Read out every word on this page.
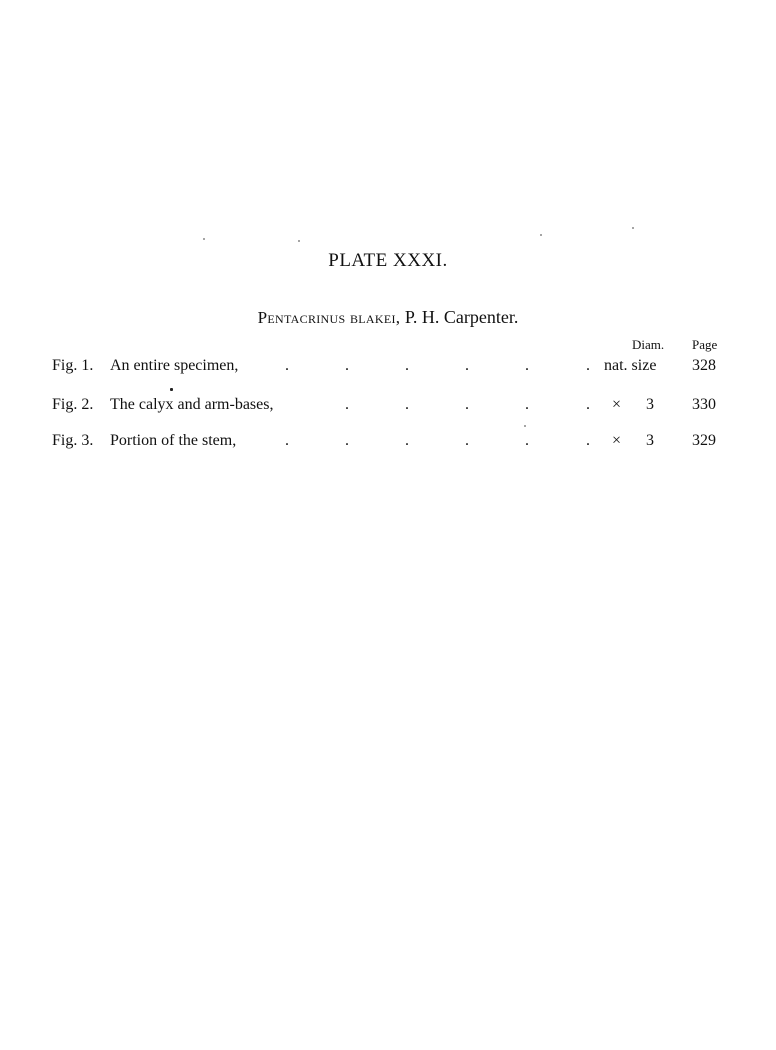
PLATE XXXI.
Pentacrinus blakei, P. H. Carpenter.
Diam. Page
Fig. 1. An entire specimen,	.	.	.	.	.	. nat. size 328
Fig. 2. The calyx and arm-bases,	.	.	.	.	. × 3 330
Fig. 3. Portion of the stem,	.	.	.	.	.	. × 3 329
